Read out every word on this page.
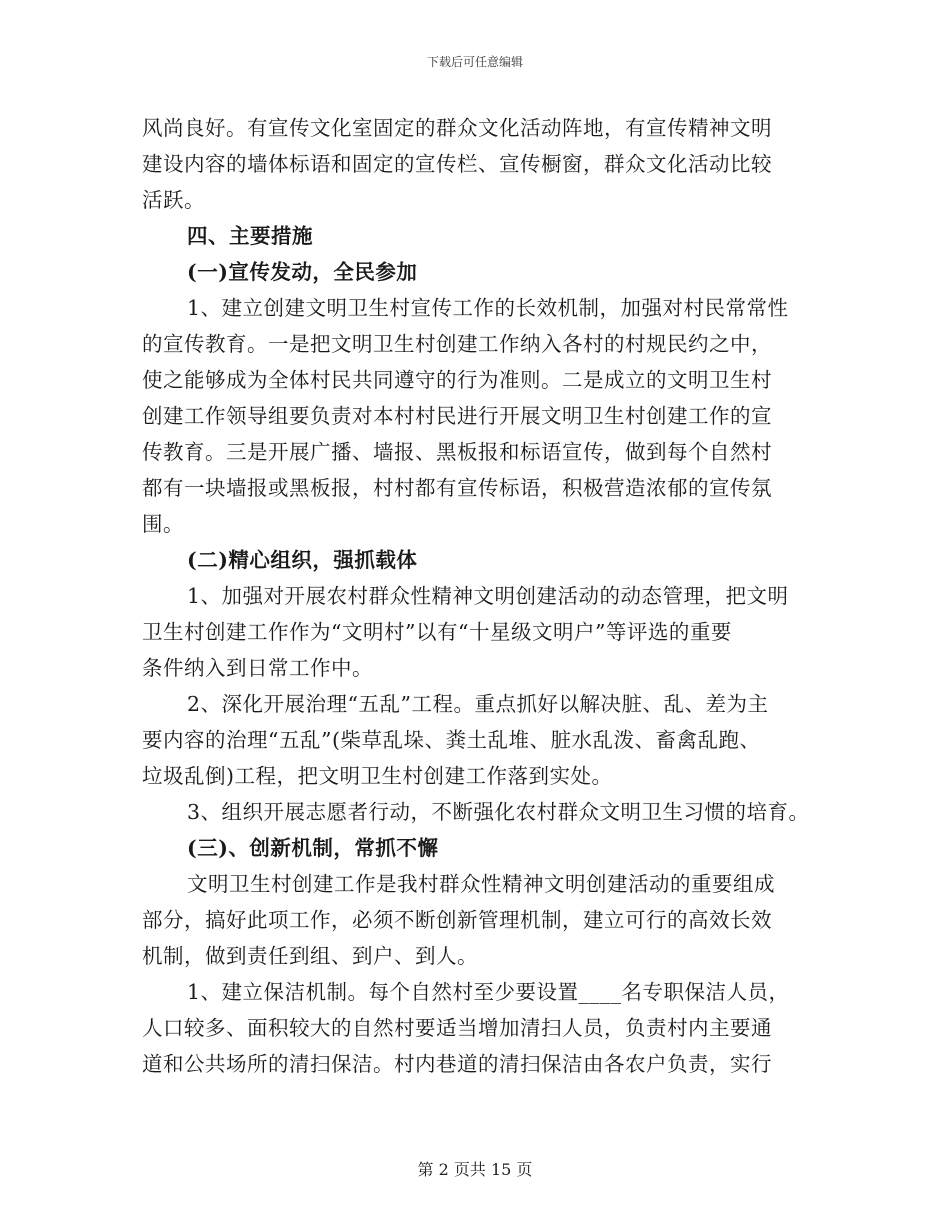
下载后可任意编辑
风尚良好。有宣传文化室固定的群众文化活动阵地，有宣传精神文明
建设内容的墙体标语和固定的宣传栏、宣传橱窗，群众文化活动比较
活跃。
四、主要措施
(一)宣传发动，全民参加
1、建立创建文明卫生村宣传工作的长效机制，加强对村民常常性
的宣传教育。一是把文明卫生村创建工作纳入各村的村规民约之中，
使之能够成为全体村民共同遵守的行为准则。二是成立的文明卫生村
创建工作领导组要负责对本村村民进行开展文明卫生村创建工作的宣
传教育。三是开展广播、墙报、黑板报和标语宣传，做到每个自然村
都有一块墙报或黑板报，村村都有宣传标语，积极营造浓郁的宣传氛
围。
(二)精心组织，强抓载体
1、加强对开展农村群众性精神文明创建活动的动态管理，把文明
卫生村创建工作作为“文明村”以有“十星级文明户”等评选的重要
条件纳入到日常工作中。
2、深化开展治理“五乱”工程。重点抓好以解决脏、乱、差为主
要内容的治理“五乱”(柴草乱垛、粪土乱堆、脏水乱泼、畜禽乱跑、
垃圾乱倒)工程，把文明卫生村创建工作落到实处。
3、组织开展志愿者行动，不断强化农村群众文明卫生习惯的培育。
(三)、创新机制，常抓不懈
文明卫生村创建工作是我村群众性精神文明创建活动的重要组成
部分，搞好此项工作，必须不断创新管理机制，建立可行的高效长效
机制，做到责任到组、到户、到人。
1、建立保洁机制。每个自然村至少要设置____名专职保洁人员，
人口较多、面积较大的自然村要适当增加清扫人员，负责村内主要通
道和公共场所的清扫保洁。村内巷道的清扫保洁由各农户负责，实行
第 2 页共 15 页
